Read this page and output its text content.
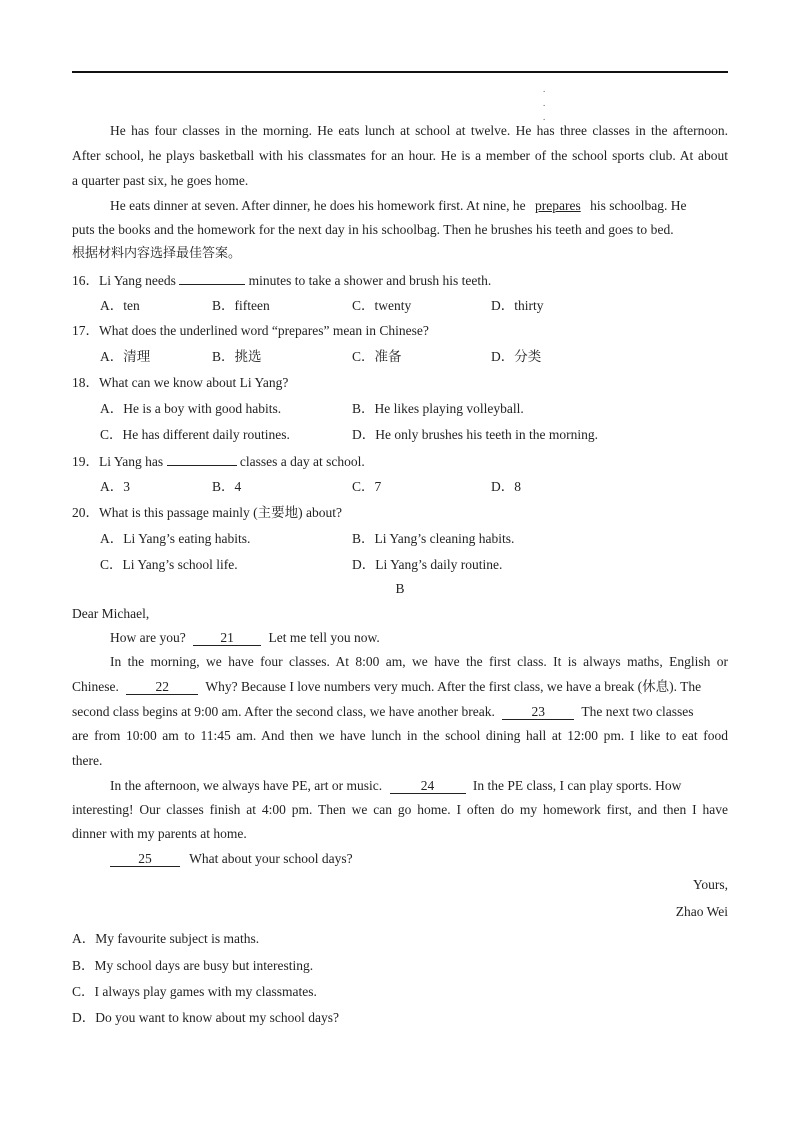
.
.
.
He has four classes in the morning. He eats lunch at school at twelve. He has three classes in the afternoon.
After school, he plays basketball with his classmates for an hour. He is a member of the school sports club. At about
a quarter past six, he goes home.
He eats dinner at seven. After dinner, he does his homework first. At nine, he prepares his schoolbag. He
puts the books and the homework for the next day in his schoolbag. Then he brushes his teeth and goes to bed.
根据材料内容选择最佳答案。
16．Li Yang needs	minutes to take a shower and brush his teeth.
A．ten	B．fifteen	C．twenty	D．thirty
17．What does the underlined word “prepares” mean in Chinese?
A．清理	B．挑选	C．准备	D．分类
18．What can we know about Li Yang?
A．He is a boy with good habits.	B．He likes playing volleyball.
C．He has different daily routines.	D．He only brushes his teeth in the morning.
19．Li Yang has	classes a day at school.
A．3	B．4	C．7	D．8
20．What is this passage mainly (主要地) about?
A．Li Yang’s eating habits.	B．Li Yang’s cleaning habits.
C．Li Yang’s school life.	D．Li Yang’s daily routine.
B
Dear Michael,
How are you?	21	Let me tell you now.
In the morning, we have four classes. At 8:00 am, we have the first class. It is always maths, English or
Chinese.	22	Why? Because I love numbers very much. After the first class, we have a break (休息). The
second class begins at 9:00 am. After the second class, we have another break.	23	The next two classes
are from 10:00 am to 11:45 am. And then we have lunch in the school dining hall at 12:00 pm. I like to eat food
there.
In the afternoon, we always have PE, art or music.	24	In the PE class, I can play sports. How
interesting! Our classes finish at 4:00 pm. Then we can go home. I often do my homework first, and then I have
dinner with my parents at home.
25	What about your school days?
Yours,
Zhao Wei
A．My favourite subject is maths.
B．My school days are busy but interesting.
C．I always play games with my classmates.
D．Do you want to know about my school days?
